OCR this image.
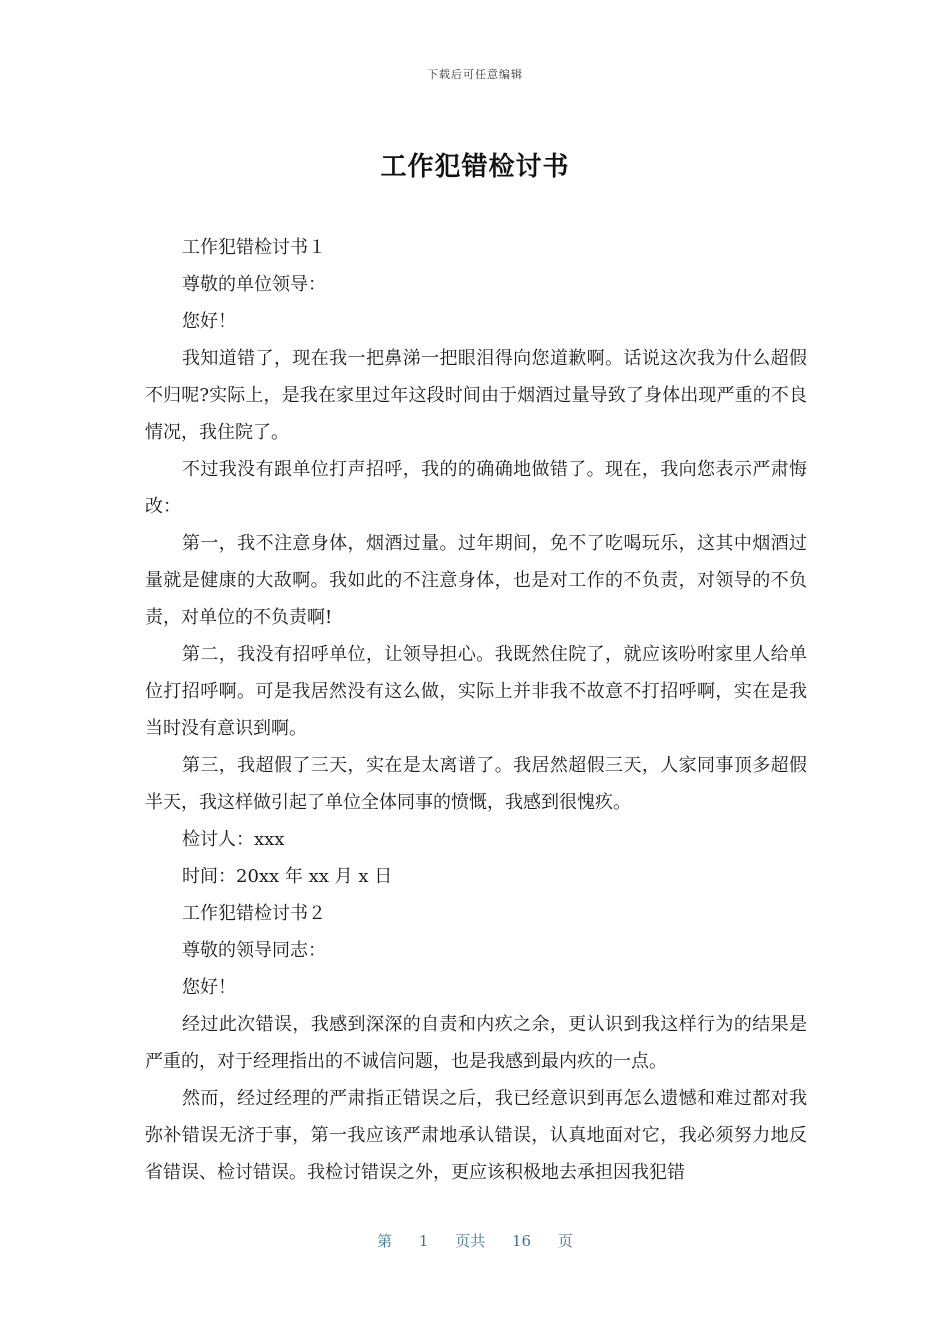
下载后可任意编辑
工作犯错检讨书

工作犯错检讨书１

尊敬的单位领导：

您好！

我知道错了，现在我一把鼻涕一把眼泪得向您道歉啊。话说这次我为什么超假不归呢?实际上，是我在家里过年这段时间由于烟酒过量导致了身体出现严重的不良情况，我住院了。

不过我没有跟单位打声招呼，我的的确确地做错了。现在，我向您表示严肃悔改：

第一，我不注意身体，烟酒过量。过年期间，免不了吃喝玩乐，这其中烟酒过量就是健康的大敌啊。我如此的不注意身体，也是对工作的不负责，对领导的不负责，对单位的不负责啊!

第二，我没有招呼单位，让领导担心。我既然住院了，就应该吩咐家里人给单位打招呼啊。可是我居然没有这么做，实际上并非我不故意不打招呼啊，实在是我当时没有意识到啊。

第三，我超假了三天，实在是太离谱了。我居然超假三天，人家同事顶多超假半天，我这样做引起了单位全体同事的愤慨，我感到很愧疚。

检讨人：xxx

时间：20xx 年 xx 月 x 日

工作犯错检讨书２

尊敬的领导同志：

您好！

经过此次错误，我感到深深的自责和内疚之余，更认识到我这样行为的结果是严重的，对于经理指出的不诚信问题，也是我感到最内疚的一点。

然而，经过经理的严肃指正错误之后，我已经意识到再怎么遗憾和难过都对我弥补错误无济于事，第一我应该严肃地承认错误，认真地面对它，我必须努力地反省错误、检讨错误。我检讨错误之外，更应该积极地去承担因我犯错

第 1 页共 16 页
